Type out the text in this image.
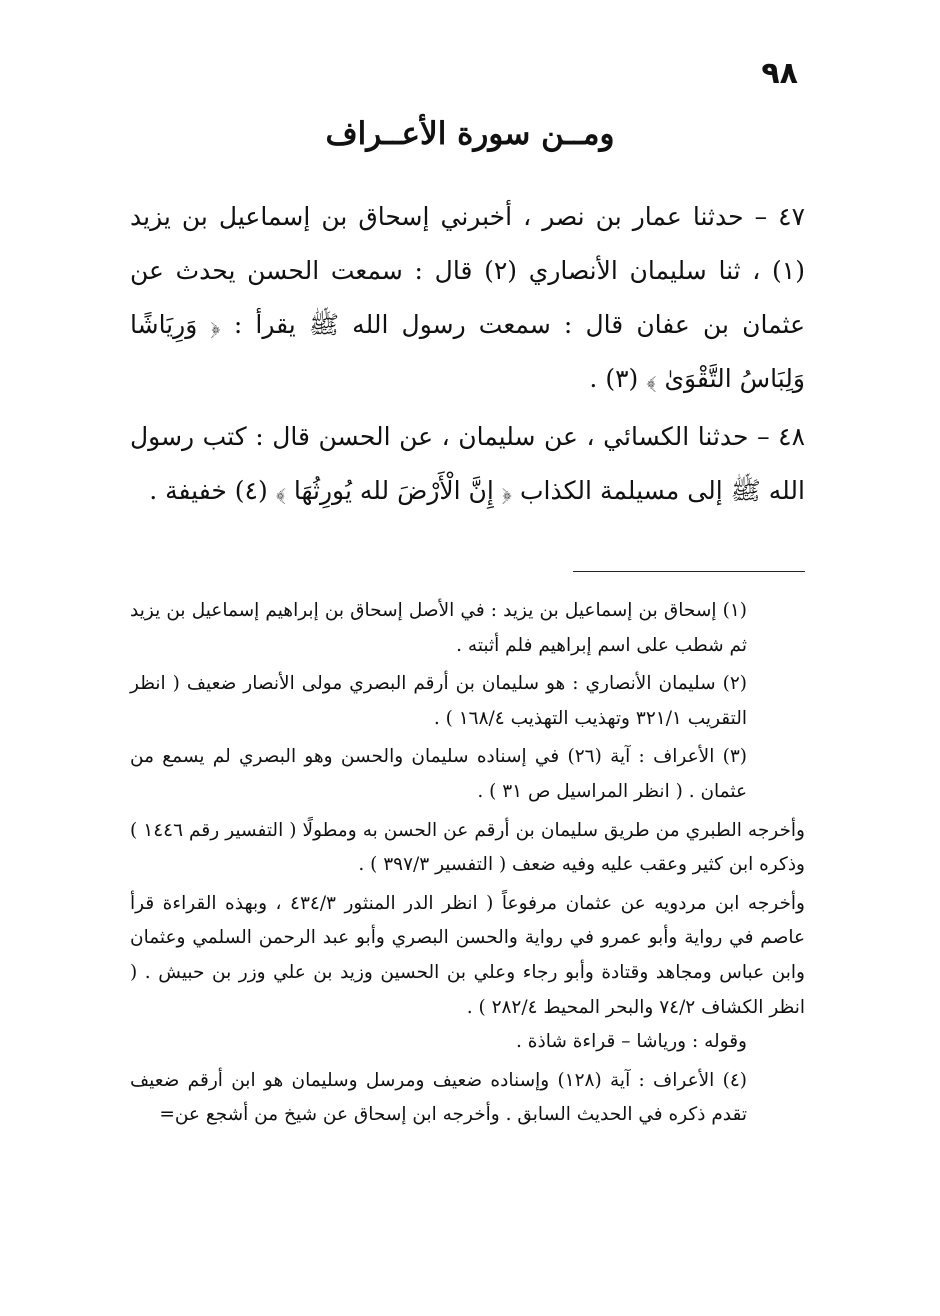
٩٨
ومــن سورة الأعــراف

٤٧ – حدثنا عمار بن نصر ، أخبرني إسحاق بن إسماعيل بن يزيد (١) ، ثنا سليمان الأنصاري (٢) قال : سمعت الحسن يحدث عن عثمان بن عفان قال : سمعت رسول الله ﷺ يقرأ : ﴿ وَرِيَاشًا وَلِبَاسُ التَّقْوَىٰ ﴾ (٣) .

٤٨ – حدثنا الكسائي ، عن سليمان ، عن الحسن قال : كتب رسول الله ﷺ إلى مسيلمة الكذاب ﴿ إِنَّ الْأَرْضَ لله يُورِثُهَا ﴾ (٤) خفيفة .

(١) إسحاق بن إسماعيل بن يزيد : في الأصل إسحاق بن إبراهيم إسماعيل بن يزيد ثم شطب على اسم إبراهيم فلم أثبته .

(٢) سليمان الأنصاري : هو سليمان بن أرقم البصري مولى الأنصار ضعيف ( انظر التقريب ٣٢١/١ وتهذيب التهذيب ١٦٨/٤ ) .

(٣) الأعراف : آية (٢٦) في إسناده سليمان والحسن وهو البصري لم يسمع من عثمان . ( انظر المراسيل ص ٣١ ) .

وأخرجه الطبري من طريق سليمان بن أرقم عن الحسن به ومطولًا ( التفسير رقم ١٤٤٦ ) وذكره ابن كثير وعقب عليه وفيه ضعف ( التفسير ٣٩٧/٣ ) .

وأخرجه ابن مردويه عن عثمان مرفوعاً ( انظر الدر المنثور ٤٣٤/٣ ، وبهذه القراءة قرأ عاصم في رواية وأبو عمرو في رواية والحسن البصري وأبو عبد الرحمن السلمي وعثمان وابن عباس ومجاهد وقتادة وأبو رجاء وعلي بن الحسين وزيد بن علي وزر بن حبيش . ( انظر الكشاف ٧٤/٢ والبحر المحيط ٢٨٢/٤ ) .

وقوله : ورياشا – قراءة شاذة .

(٤) الأعراف : آية (١٢٨) وإسناده ضعيف ومرسل وسليمان هو ابن أرقم ضعيف تقدم ذكره في الحديث السابق . وأخرجه ابن إسحاق عن شيخ من أشجع عن=
